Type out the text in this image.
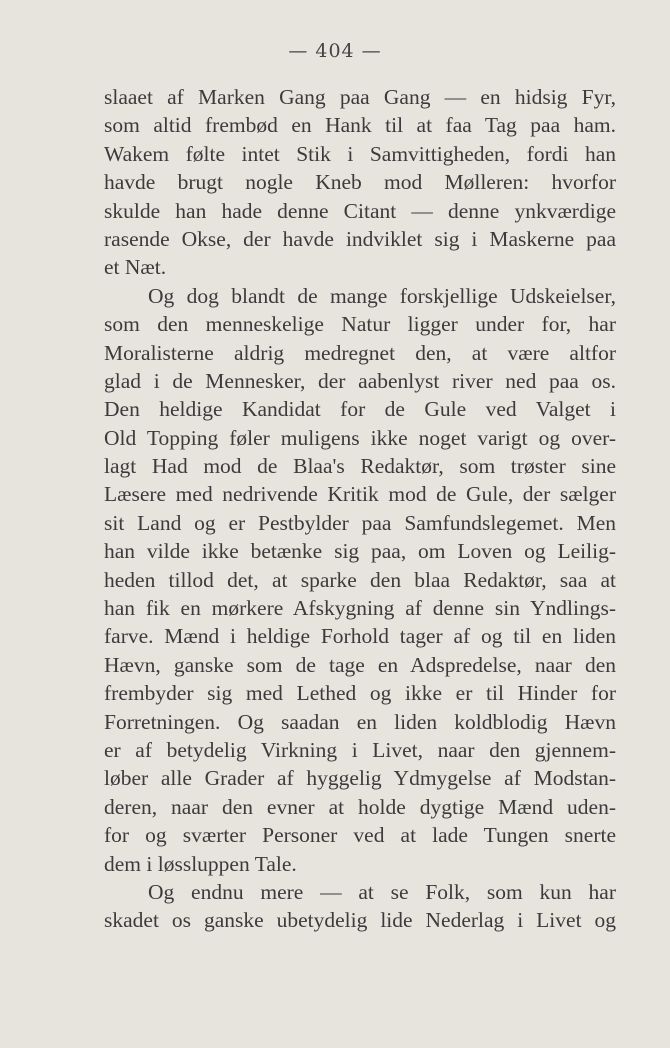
— 404 —
slaaet af Marken Gang paa Gang — en hidsig Fyr,
som altid frembød en Hank til at faa Tag paa ham.
Wakem følte intet Stik i Samvittigheden, fordi han
havde brugt nogle Kneb mod Mølleren: hvorfor
skulde han hade denne Citant — denne ynkværdige
rasende Okse, der havde indviklet sig i Maskerne paa
et Næt.
Og dog blandt de mange forskjellige Udskeielser,
som den menneskelige Natur ligger under for, har
Moralisterne aldrig medregnet den, at være altfor
glad i de Mennesker, der aabenlyst river ned paa os.
Den heldige Kandidat for de Gule ved Valget i
Old Topping føler muligens ikke noget varigt og over-
lagt Had mod de Blaa's Redaktør, som trøster sine
Læsere med nedrivende Kritik mod de Gule, der sælger
sit Land og er Pestbylder paa Samfundslegemet. Men
han vilde ikke betænke sig paa, om Loven og Leilig-
heden tillod det, at sparke den blaa Redaktør, saa at
han fik en mørkere Afskygning af denne sin Yndlings-
farve. Mænd i heldige Forhold tager af og til en liden
Hævn, ganske som de tage en Adspredelse, naar den
frembyder sig med Lethed og ikke er til Hinder for
Forretningen. Og saadan en liden koldblodig Hævn
er af betydelig Virkning i Livet, naar den gjennem-
løber alle Grader af hyggelig Ydmygelse af Modstan-
deren, naar den evner at holde dygtige Mænd uden-
for og sværter Personer ved at lade Tungen snerte
dem i løssluppen Tale.
Og endnu mere — at se Folk, som kun har
skadet os ganske ubetydelig lide Nederlag i Livet og
